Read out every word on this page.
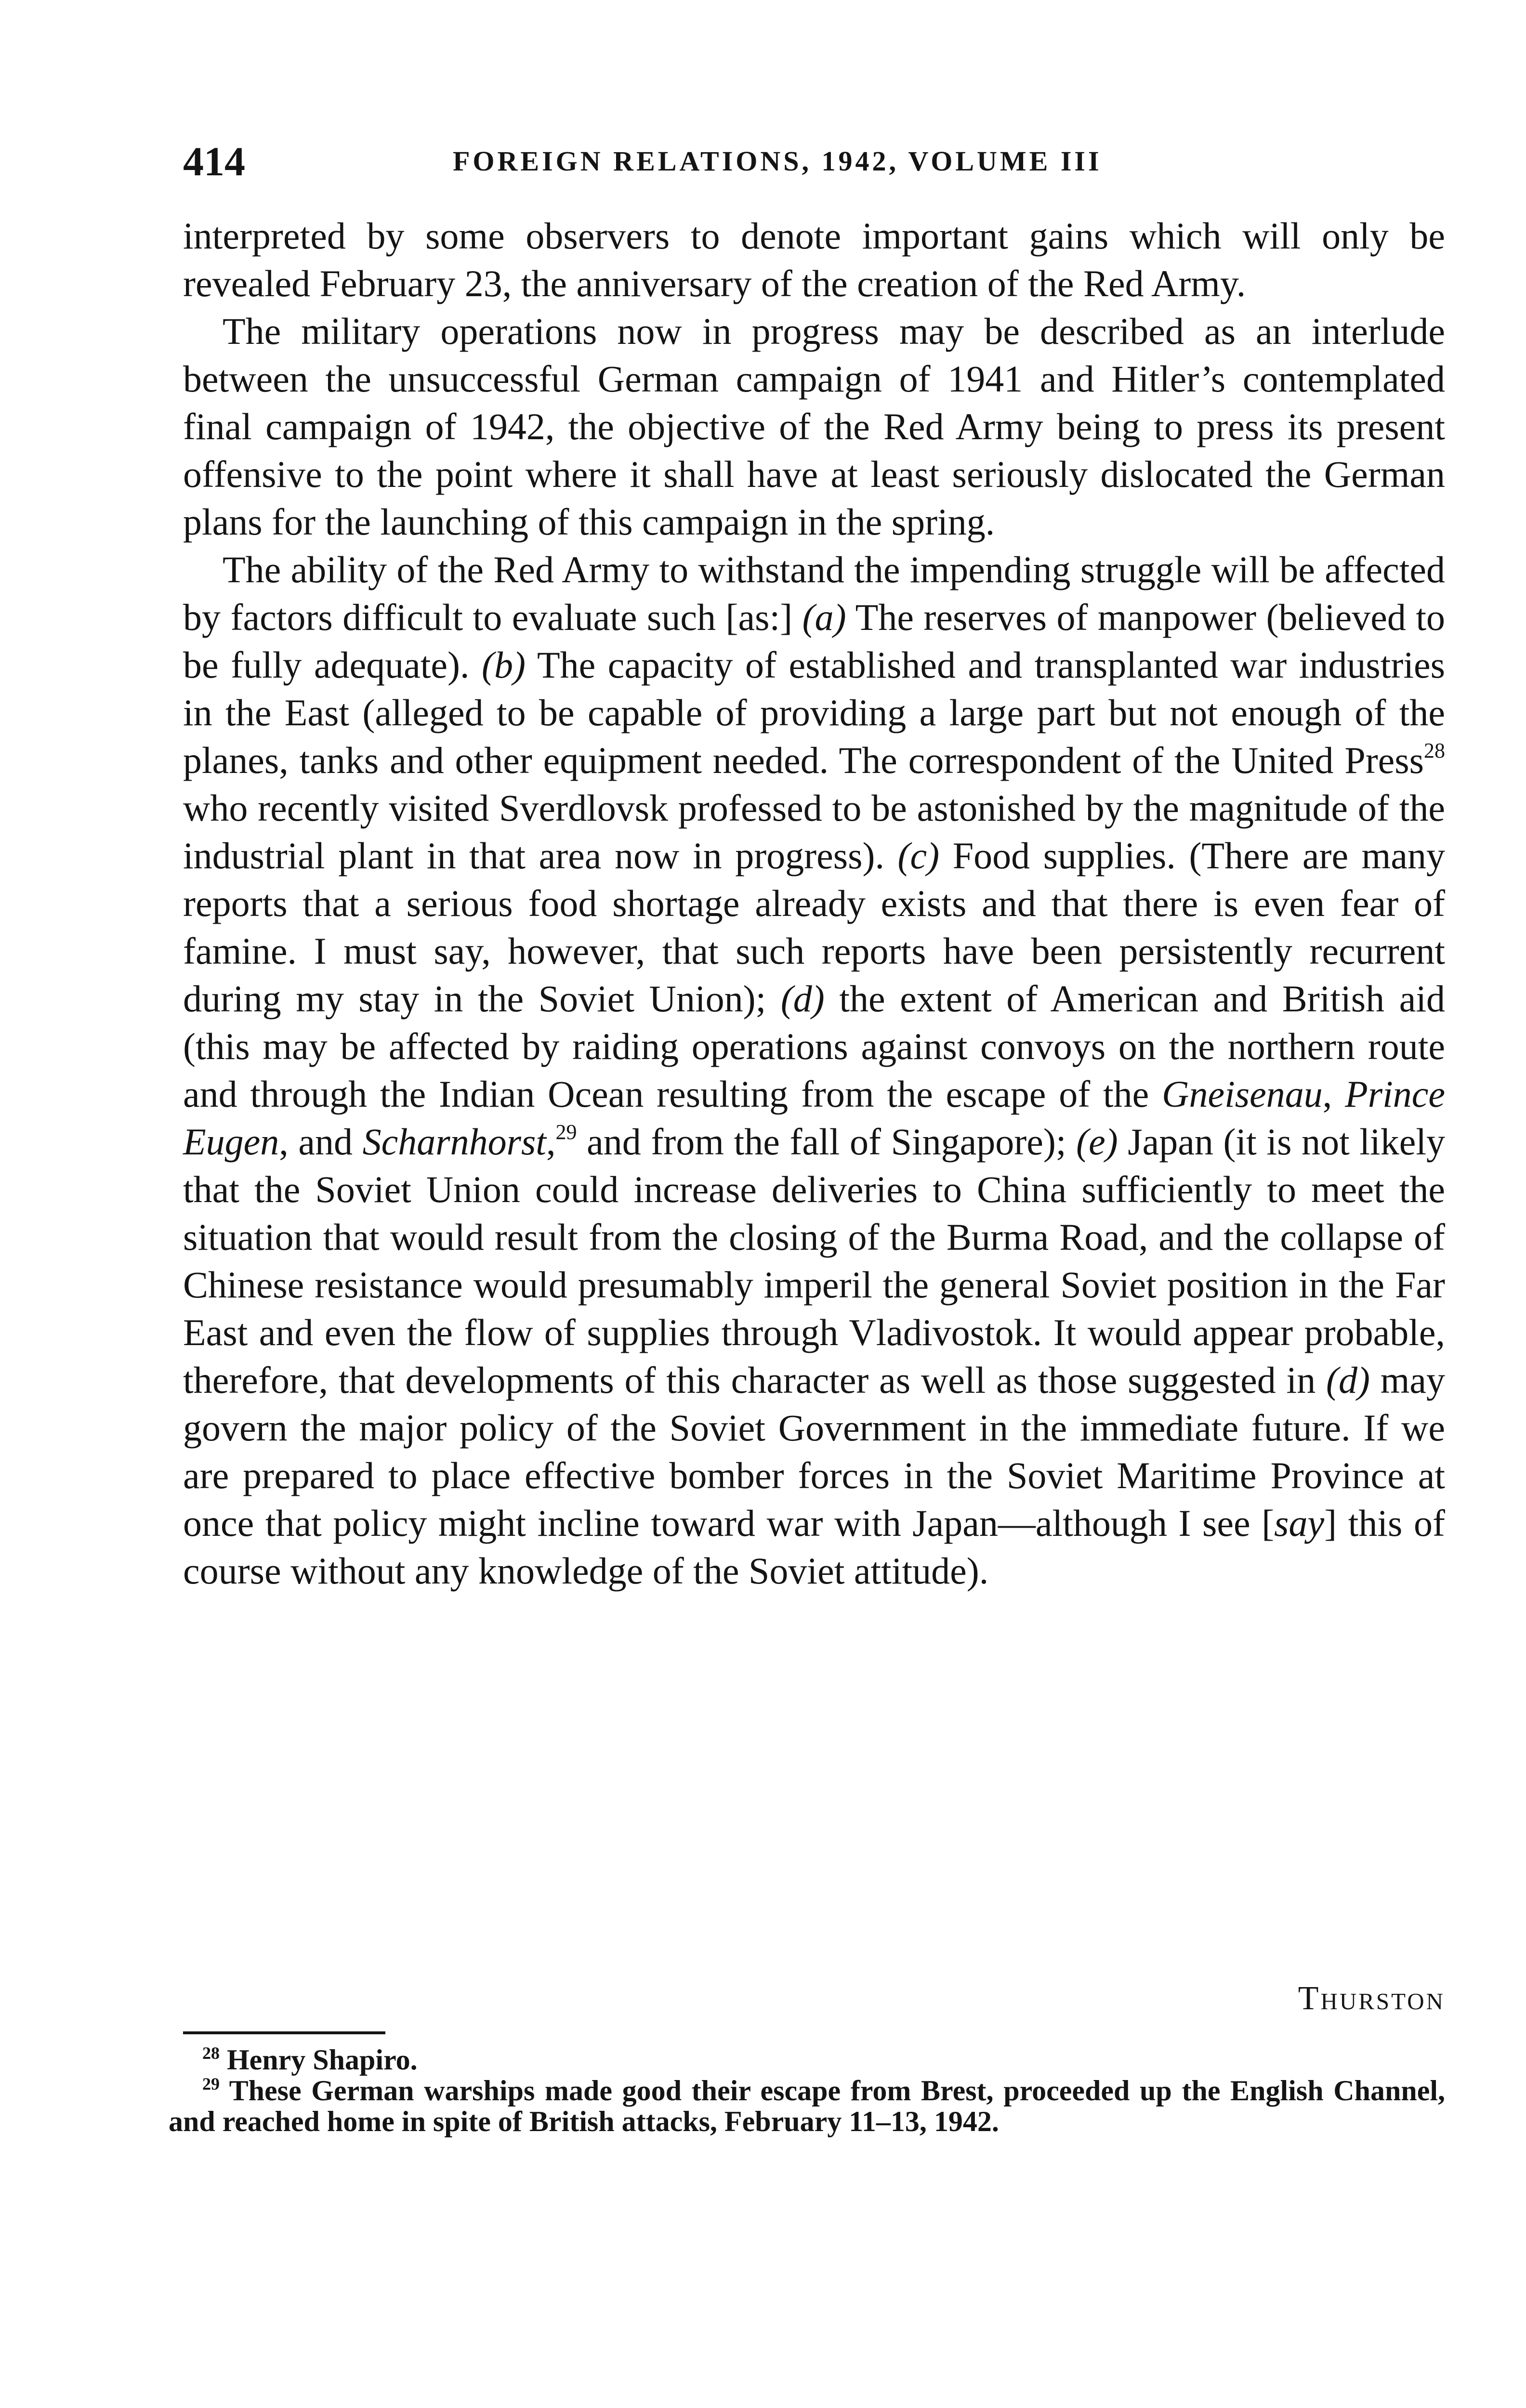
414	FOREIGN RELATIONS, 1942, VOLUME III

interpreted by some observers to denote important gains which will only be revealed February 23, the anniversary of the creation of the Red Army.

The military operations now in progress may be described as an interlude between the unsuccessful German campaign of 1941 and Hitler’s contemplated final campaign of 1942, the objective of the Red Army being to press its present offensive to the point where it shall have at least seriously dislocated the German plans for the launching of this campaign in the spring.

The ability of the Red Army to withstand the impending struggle will be affected by factors difficult to evaluate such [as:] (a) The reserves of manpower (believed to be fully adequate). (b) The capacity of established and transplanted war industries in the East (alleged to be capable of providing a large part but not enough of the planes, tanks and other equipment needed. The correspondent of the United Press$^{28}$ who recently visited Sverdlovsk professed to be astonished by the magnitude of the industrial plant in that area now in progress). (c) Food supplies. (There are many reports that a serious food shortage already exists and that there is even fear of famine. I must say, however, that such reports have been persistently recurrent during my stay in the Soviet Union); (d) the extent of American and British aid (this may be affected by raiding operations against convoys on the northern route and through the Indian Ocean resulting from the escape of the Gneisenau, Prince Eugen, and Scharnhorst,$^{29}$ and from the fall of Singapore); (e) Japan (it is not likely that the Soviet Union could increase deliveries to China sufficiently to meet the situation that would result from the closing of the Burma Road, and the collapse of Chinese resistance would presumably imperil the general Soviet position in the Far East and even the flow of supplies through Vladivostok. It would appear probable, therefore, that developments of this character as well as those suggested in (d) may govern the major policy of the Soviet Government in the immediate future. If we are prepared to place effective bomber forces in the Soviet Maritime Province at once that policy might incline toward war with Japan—although I see [say] this of course without any knowledge of the Soviet attitude).

Thurston

$^{28}$ Henry Shapiro.

$^{29}$ These German warships made good their escape from Brest, proceeded up the English Channel, and reached home in spite of British attacks, February 11–13, 1942.
